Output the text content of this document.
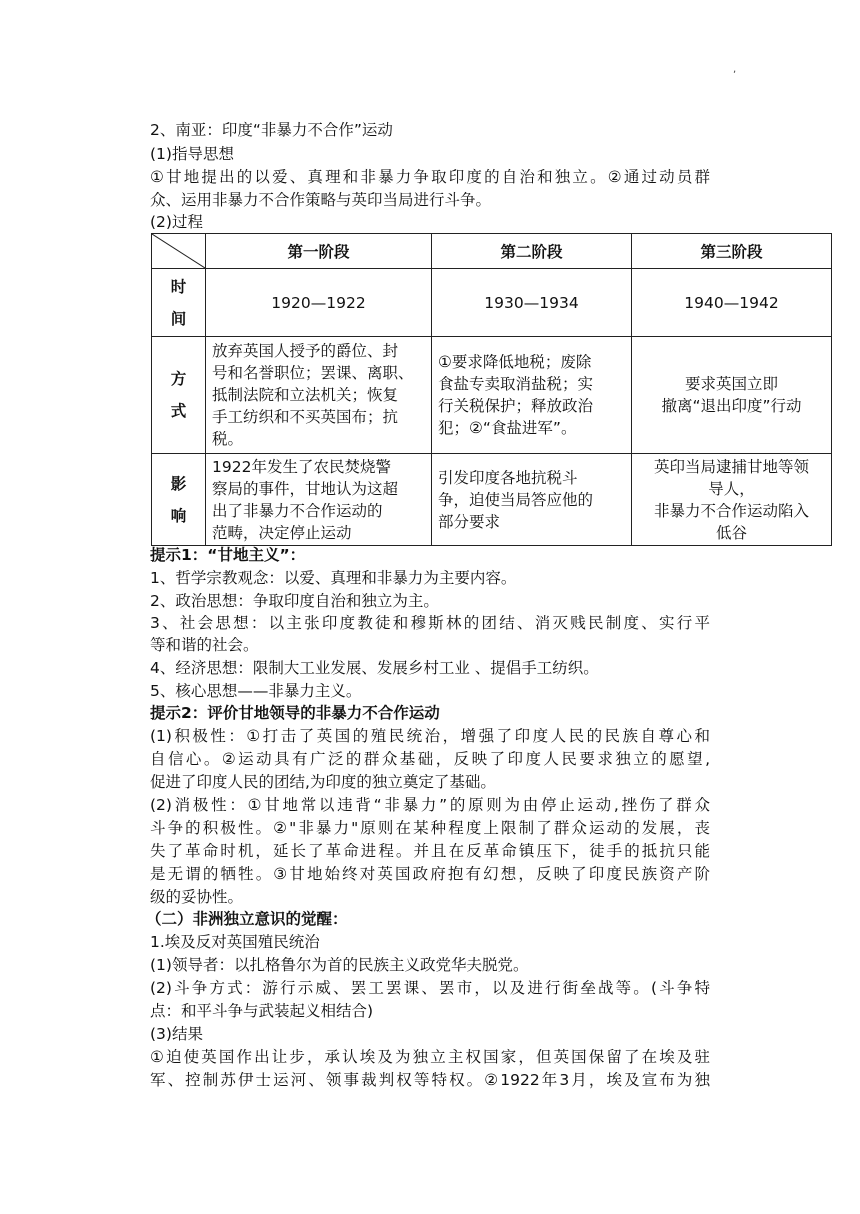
,
2、南亚：印度“非暴力不合作”运动
(1)指导思想
①甘地提出的以爱、真理和非暴力争取印度的自治和独立。②通过动员群
众、运用非暴力不合作策略与英印当局进行斗争。
(2)过程
	第一阶段	第二阶段	第三阶段
时
间	1920—1922	1930—1934	1940—1942
方
式	放弃英国人授予的爵位、封
号和名誉职位；罢课、离职、
抵制法院和立法机关；恢复
手工纺织和不买英国布；抗
税。	①要求降低地税；废除
食盐专卖取消盐税；实
行关税保护；释放政治
犯；②“食盐进军”。	要求英国立即
撤离“退出印度”行动
影
响	1922年发生了农民焚烧警
察局的事件，甘地认为这超
出了非暴力不合作运动的
范畴，决定停止运动	引发印度各地抗税斗
争，迫使当局答应他的
部分要求	英印当局逮捕甘地等领
导人，
非暴力不合作运动陷入
低谷
提示1：“甘地主义”：
1、哲学宗教观念：以爱、真理和非暴力为主要内容。
2、政治思想：争取印度自治和独立为主。
3、社会思想：以主张印度教徒和穆斯林的团结、消灭贱民制度、实行平
等和谐的社会。
4、经济思想：限制大工业发展、发展乡村工业 、提倡手工纺织。
5、核心思想——非暴力主义。
提示2：评价甘地领导的非暴力不合作运动
(1)积极性：①打击了英国的殖民统治，增强了印度人民的民族自尊心和
自信心。②运动具有广泛的群众基础，反映了印度人民要求独立的愿望,
促进了印度人民的团结,为印度的独立奠定了基础。
(2)消极性：①甘地常以违背“非暴力”的原则为由停止运动,挫伤了群众
斗争的积极性。②"非暴力"原则在某种程度上限制了群众运动的发展，丧
失了革命时机，延长了革命进程。并且在反革命镇压下，徒手的抵抗只能
是无谓的牺牲。③甘地始终对英国政府抱有幻想，反映了印度民族资产阶
级的妥协性。
（二）非洲独立意识的觉醒：
1.埃及反对英国殖民统治
(1)领导者：以扎格鲁尔为首的民族主义政党华夫脱党。
(2)斗争方式：游行示威、罢工罢课、罢市，以及进行街垒战等。(斗争特
点：和平斗争与武装起义相结合)
(3)结果
①迫使英国作出让步，承认埃及为独立主权国家，但英国保留了在埃及驻
军、控制苏伊士运河、领事裁判权等特权。②1922年3月，埃及宣布为独
